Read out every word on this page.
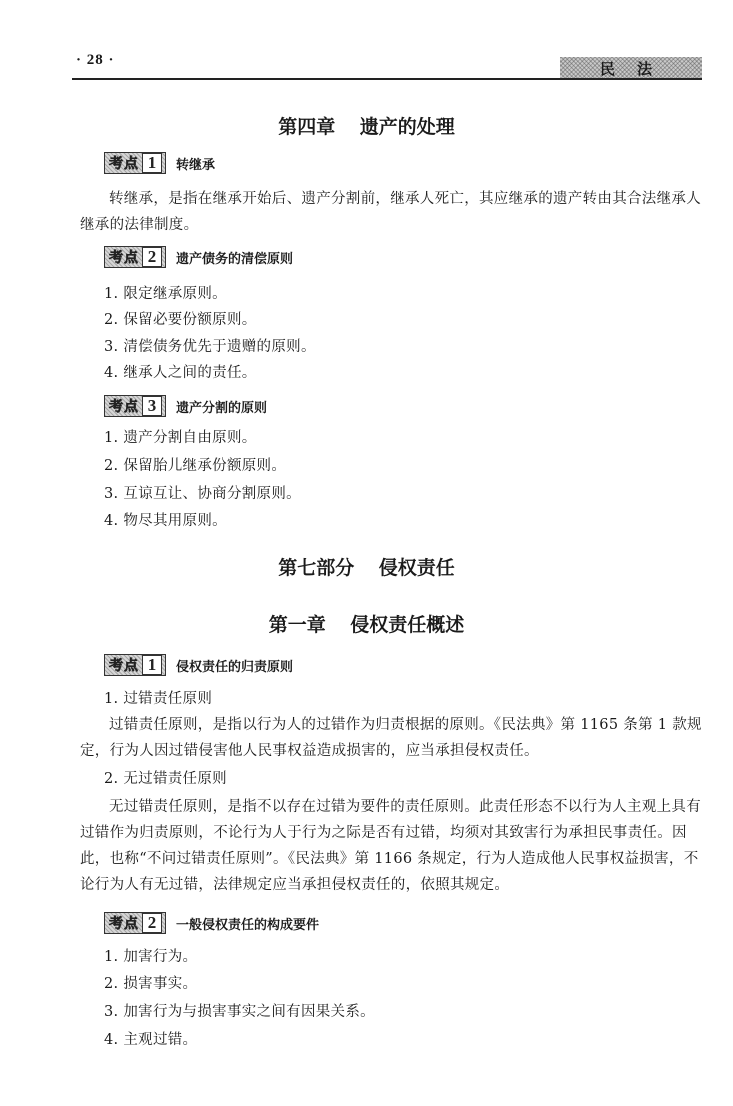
· 28 ·	民法
第四章 遗产的处理
考点 1	转继承
转继承，是指在继承开始后、遗产分割前，继承人死亡，其应继承的遗产转由其合法继承人继承的法律制度。
考点 2	遗产债务的清偿原则
1. 限定继承原则。
2. 保留必要份额原则。
3. 清偿债务优先于遗赠的原则。
4. 继承人之间的责任。
考点 3	遗产分割的原则
1. 遗产分割自由原则。
2. 保留胎儿继承份额原则。
3. 互谅互让、协商分割原则。
4. 物尽其用原则。
第七部分 侵权责任
第一章 侵权责任概述
考点 1	侵权责任的归责原则
1. 过错责任原则
过错责任原则，是指以行为人的过错作为归责根据的原则。《民法典》第 1165 条第 1 款规定，行为人因过错侵害他人民事权益造成损害的，应当承担侵权责任。
2. 无过错责任原则
无过错责任原则，是指不以存在过错为要件的责任原则。此责任形态不以行为人主观上具有过错作为归责原则，不论行为人于行为之际是否有过错，均须对其致害行为承担民事责任。因此，也称“不问过错责任原则”。《民法典》第 1166 条规定，行为人造成他人民事权益损害，不论行为人有无过错，法律规定应当承担侵权责任的，依照其规定。
考点 2	一般侵权责任的构成要件
1. 加害行为。
2. 损害事实。
3. 加害行为与损害事实之间有因果关系。
4. 主观过错。
